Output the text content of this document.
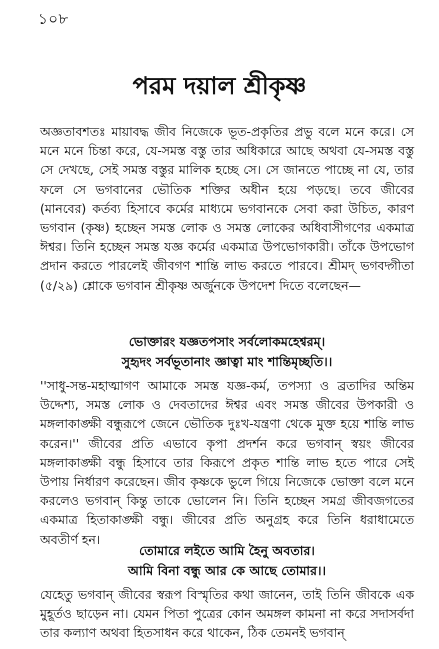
১০৮
পরম দয়াল শ্রীকৃষ্ণ
অজ্ঞতাবশতঃ মায়াবদ্ধ জীব নিজেকে ভূত-প্রকৃতির প্রভু বলে মনে করে। সে মনে মনে চিন্তা করে, যে-সমস্ত বস্তু তার অধিকারে আছে অথবা যে-সমস্ত বস্তু সে দেখছে, সেই সমস্ত বস্তুর মালিক হচ্ছে সে। সে জানতে পাচ্ছে না যে, তার ফলে সে ভগবানের ভৌতিক শক্তির অধীন হয়ে পড়ছে। তবে জীবের (মানবের) কর্তব্য হিসাবে কর্মের মাধ্যমে ভগবানকে সেবা করা উচিত, কারণ ভগবান (কৃষ্ণ) হচ্ছেন সমস্ত লোক ও সমস্ত লোকের অধিবাসীগণের একমাত্র ঈশ্বর। তিনি হচ্ছেন সমস্ত যজ্ঞ কর্মের একমাত্র উপভোগকারী। তাঁকে উপভোগ প্রদান করতে পারলেই জীবগণ শান্তি লাভ করতে পারবে। শ্রীমদ্ ভগবদ্গীতা (৫/২৯) শ্লোকে ভগবান শ্রীকৃষ্ণ অর্জুনকে উপদেশ দিতে বলেছেন—
ভোক্তারং যজ্ঞতপসাং সর্বলোকমহেশ্বরম্।
সুহৃদং সর্বভূতানাং জ্ঞাত্বা মাং শান্তিমৃচ্ছতি।।
''সাধু-সন্ত-মহাত্মাগণ আমাকে সমস্ত যজ্ঞ-কর্ম, তপস্যা ও ব্রতাদির অন্তিম উদ্দেশ্য, সমস্ত লোক ও দেবতাদের ঈশ্বর এবং সমস্ত জীবের উপকারী ও মঙ্গলাকাঙ্ক্ষী বন্ধুরূপে জেনে ভৌতিক দুঃখ-যন্ত্রণা থেকে মুক্ত হয়ে শান্তি লাভ করেন।'' জীবের প্রতি এভাবে কৃপা প্রদর্শন করে ভগবান্ স্বয়ং জীবের মঙ্গলাকাঙ্ক্ষী বন্ধু হিসাবে তার কিরূপে প্রকৃত শান্তি লাভ হতে পারে সেই উপায় নির্ধারণ করেছেন। জীব কৃষ্ণকে ভুলে গিয়ে নিজেকে ভোক্তা বলে মনে করলেও ভগবান্ কিন্তু তাকে ভোলেন নি। তিনি হচ্ছেন সমগ্র জীবজগতের একমাত্র হিতাকাঙ্ক্ষী বন্ধু। জীবের প্রতি অনুগ্রহ করে তিনি ধরাধামেতে অবতীর্ণ হন।
তোমারে লইতে আমি হৈনু অবতার।
আমি বিনা বন্ধু আর কে আছে তোমার।।
যেহেতু ভগবান্ জীবের স্বরূপ বিস্মৃতির কথা জানেন, তাই তিনি জীবকে এক মুহূর্তও ছাড়েন না। যেমন পিতা পুত্রের কোন অমঙ্গল কামনা না করে সদাসর্বদা তার কল্যাণ অথবা হিতসাধন করে থাকেন, ঠিক তেমনই ভগবান্
